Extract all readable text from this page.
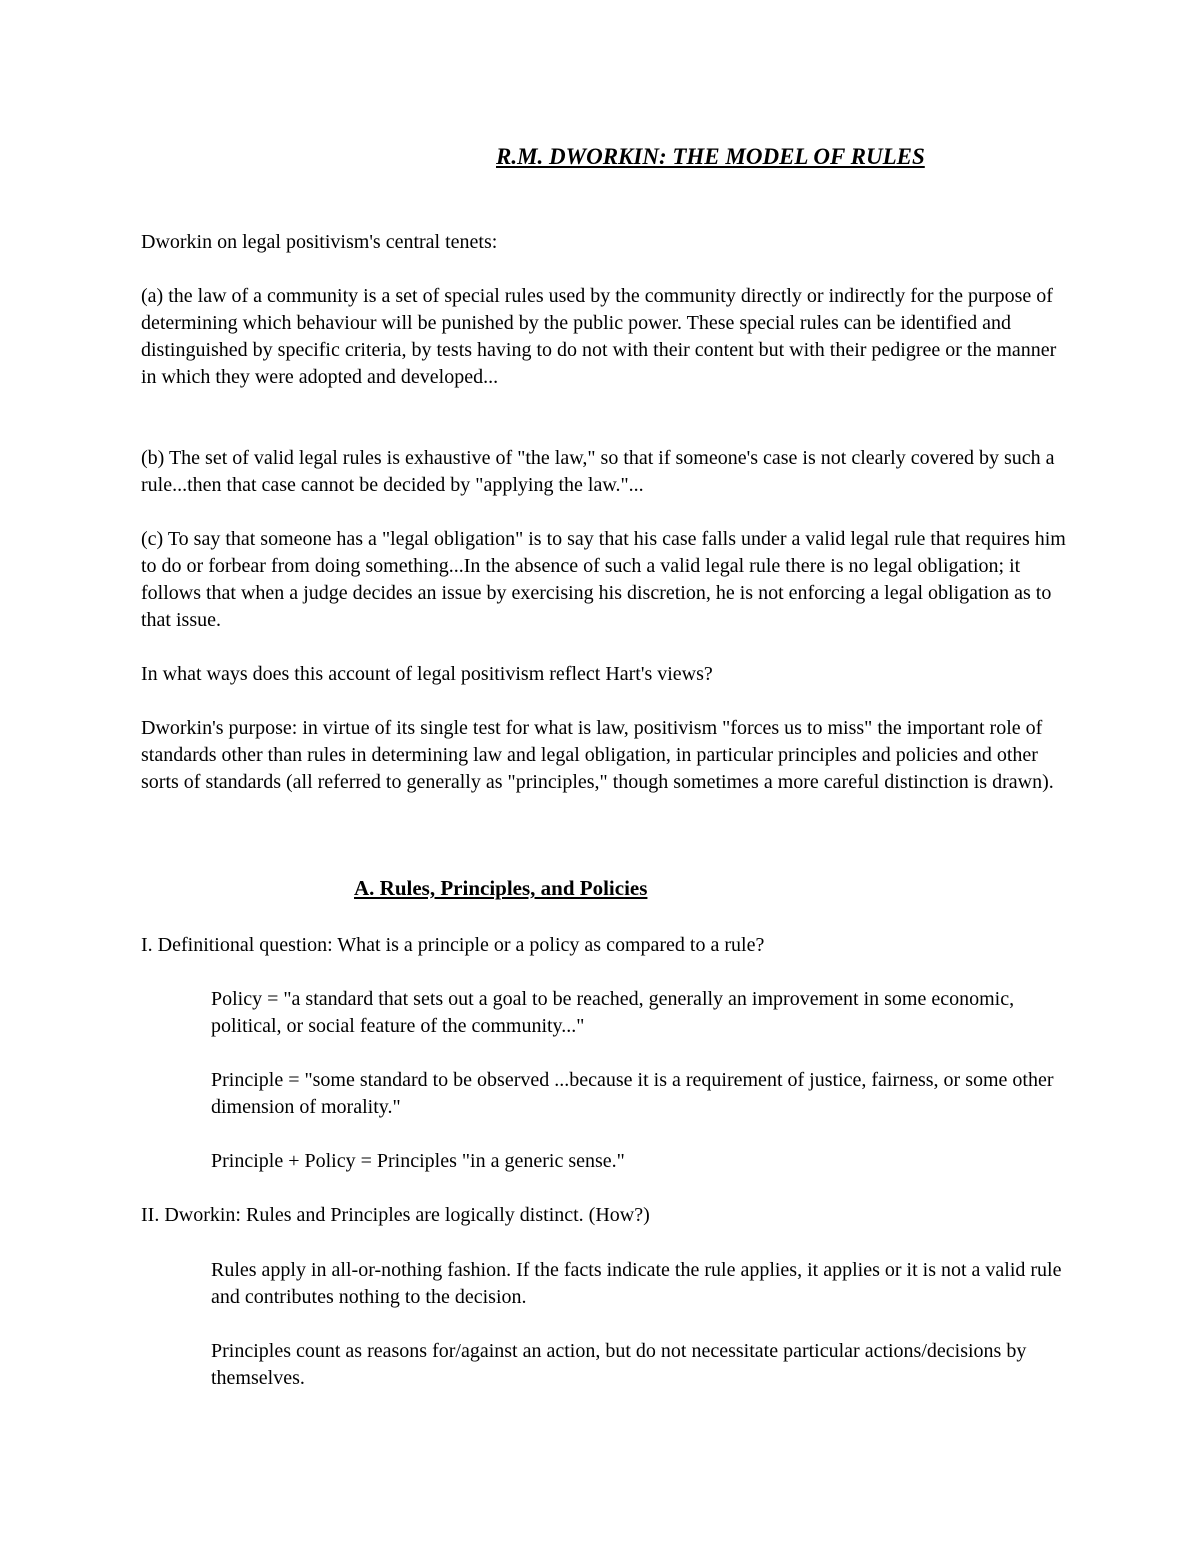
R.M. DWORKIN: THE MODEL OF RULES

Dworkin on legal positivism's central tenets:

(a) the law of a community is a set of special rules used by the community directly or indirectly for the purpose of determining which behaviour will be punished by the public power. These special rules can be identified and distinguished by specific criteria, by tests having to do not with their content but with their pedigree or the manner in which they were adopted and developed...

(b) The set of valid legal rules is exhaustive of "the law," so that if someone's case is not clearly covered by such a rule...then that case cannot be decided by "applying the law."...

(c) To say that someone has a "legal obligation" is to say that his case falls under a valid legal rule that requires him to do or forbear from doing something...In the absence of such a valid legal rule there is no legal obligation; it follows that when a judge decides an issue by exercising his discretion, he is not enforcing a legal obligation as to that issue.

In what ways does this account of legal positivism reflect Hart's views?

Dworkin's purpose: in virtue of its single test for what is law, positivism "forces us to miss" the important role of standards other than rules in determining law and legal obligation, in particular principles and policies and other sorts of standards (all referred to generally as "principles," though sometimes a more careful distinction is drawn).

A. Rules, Principles, and Policies

I. Definitional question: What is a principle or a policy as compared to a rule?

Policy = "a standard that sets out a goal to be reached, generally an improvement in some economic, political, or social feature of the community..."

Principle = "some standard to be observed ...because it is a requirement of justice, fairness, or some other dimension of morality."

Principle + Policy = Principles "in a generic sense."

II. Dworkin: Rules and Principles are logically distinct. (How?)

Rules apply in all-or-nothing fashion. If the facts indicate the rule applies, it applies or it is not a valid rule and contributes nothing to the decision.

Principles count as reasons for/against an action, but do not necessitate particular actions/decisions by themselves.
